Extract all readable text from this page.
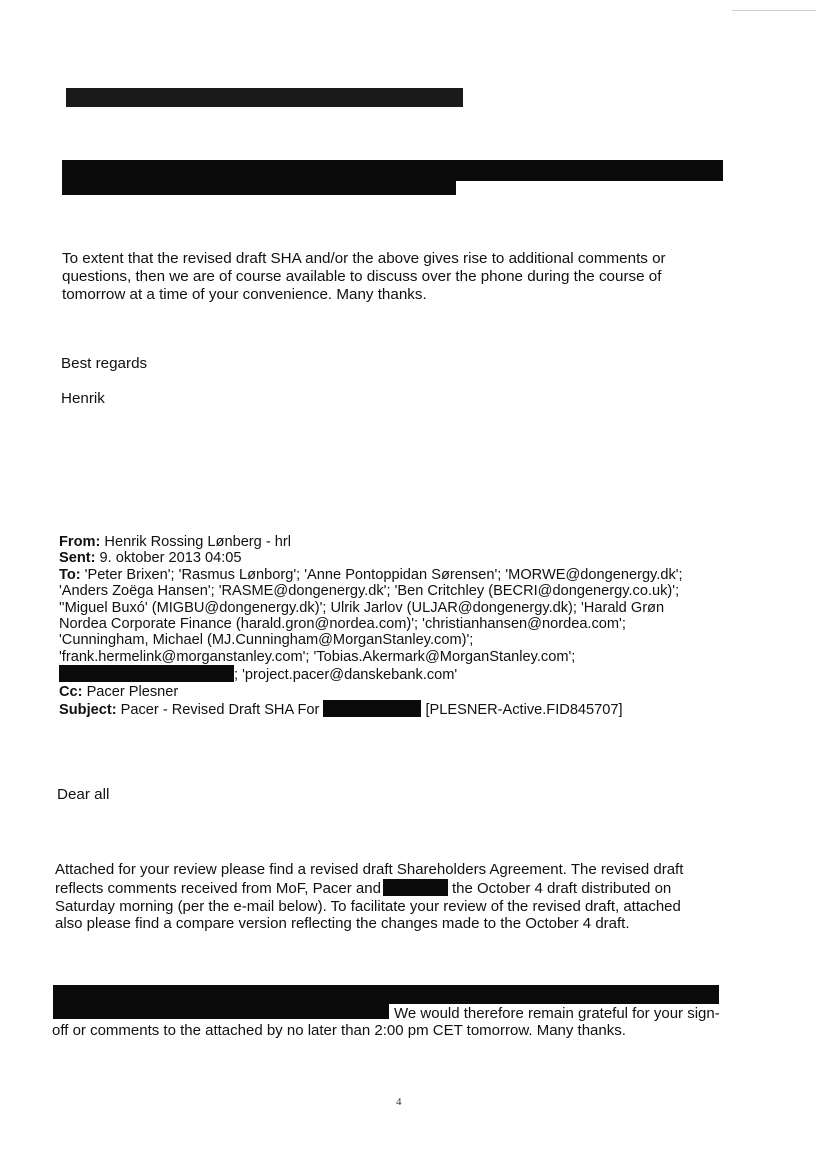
To extent that the revised draft SHA and/or the above gives rise to additional comments or
questions, then we are of course available to discuss over the phone during the course of
tomorrow at a time of your convenience. Many thanks.
Best regards
Henrik
From: Henrik Rossing Lønberg - hrl
Sent: 9. oktober 2013 04:05
To: 'Peter Brixen'; 'Rasmus Lønborg'; 'Anne Pontoppidan Sørensen'; 'MORWE@dongenergy.dk';
'Anders Zoëga Hansen'; 'RASME@dongenergy.dk'; 'Ben Critchley (BECRI@dongenergy.co.uk)';
''Miguel Buxó' (MIGBU@dongenergy.dk)'; Ulrik Jarlov (ULJAR@dongenergy.dk); 'Harald Grøn
Nordea Corporate Finance (harald.gron@nordea.com)'; 'christianhansen@nordea.com';
'Cunningham, Michael (MJ.Cunningham@MorganStanley.com)';
'frank.hermelink@morganstanley.com'; 'Tobias.Akermark@MorganStanley.com';
; 'project.pacer@danskebank.com'
Cc: Pacer Plesner
Subject: Pacer - Revised Draft SHA For	[PLESNER-Active.FID845707]
Dear all
Attached for your review please find a revised draft Shareholders Agreement. The revised draft
reflects comments received from MoF, Pacer and	the October 4 draft distributed on
Saturday morning (per the e-mail below). To facilitate your review of the revised draft, attached
also please find a compare version reflecting the changes made to the October 4 draft.
We would therefore remain grateful for your sign-
off or comments to the attached by no later than 2:00 pm CET tomorrow. Many thanks.
4
